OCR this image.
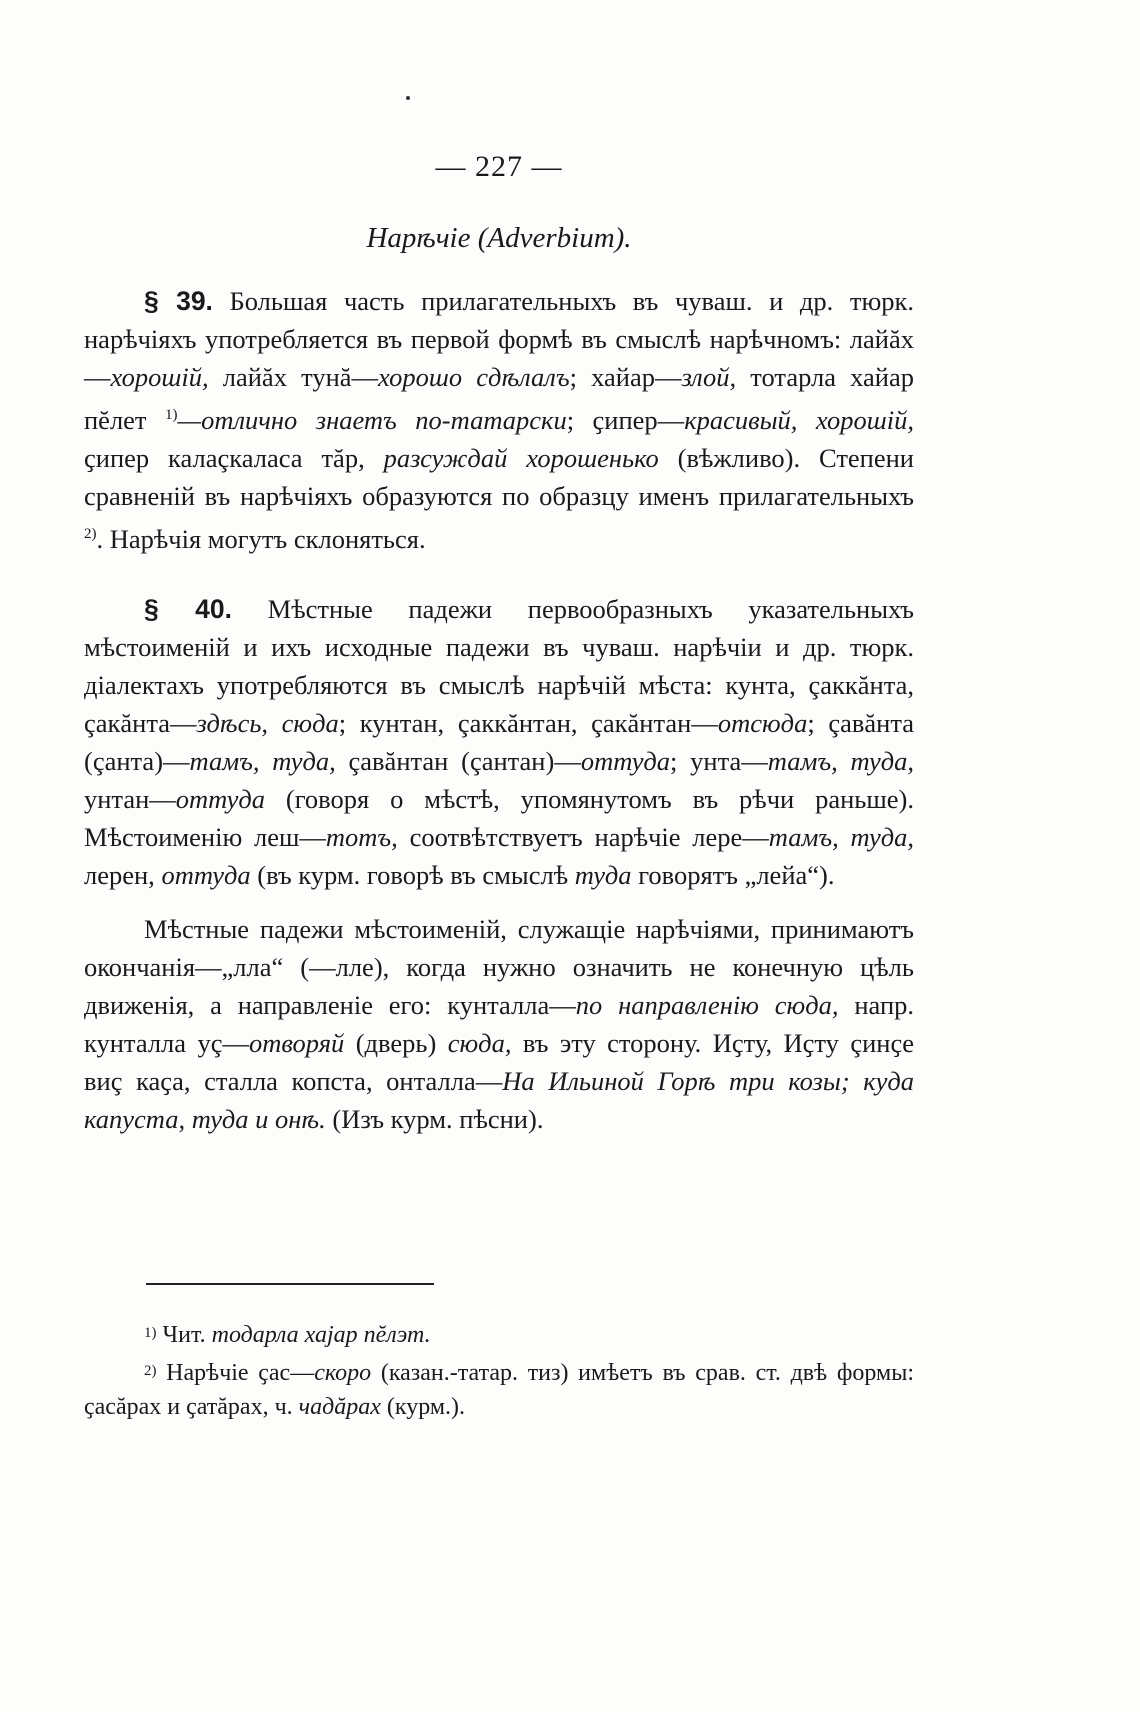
— 227 —
Нарѣчіе (Adverbium).

§ 39. Большая часть прилагательныхъ въ чуваш. и др. тюрк. нарѣчіяхъ употребляется въ первой формѣ въ смыслѣ нарѣчномъ: лайăх—хорошій, лайăх тунă—хорошо сдѣлалъ; хайар—злой, тотарла хайар пĕлет $^{1)}$—отлично знаетъ по-татарски; ҫипер—красивый, хорошій, ҫипер калаçкаласа тăр, разсуждай хорошенько (вѣжливо). Степени сравненій въ нарѣчіяхъ образуются по образцу именъ прилагательныхъ $^{2)}$. Нарѣчія могутъ склоняться.

§ 40. Мѣстные падежи первообразныхъ указательныхъ мѣстоименій и ихъ исходные падежи въ чуваш. нарѣчіи и др. тюрк. діалектахъ употребляются въ смыслѣ нарѣчій мѣста: кунта, çаккăнта, çакăнта—здѣсь, сюда; кунтан, çаккăнтан, çакăнтан—отсюда; çавăнта (çанта)—тамъ, туда, çавăнтан (çантан)—оттуда; унта—тамъ, туда, унтан—оттуда (говоря о мѣстѣ, упомянутомъ въ рѣчи раньше). Мѣстоименію леш—тотъ, соотвѣтствуетъ нарѣчіе лере—тамъ, туда, лерен, оттуда (въ курм. говорѣ въ смыслѣ туда говорятъ „лейа“).

Мѣстные падежи мѣстоименій, служащіе нарѣчіями, принимаютъ окончанія—„лла“ (—лле), когда нужно означить не конечную цѣль движенія, а направленіе его: кунталла—по направленію сюда, напр. кунталла уç—отворяй (дверь) сюда, въ эту сторону. Иҫту, Иҫту çинҫе виç каҫа, сталла копста, онталла—На Ильиной Горѣ три козы; куда капуста, туда и онѣ. (Изъ курм. пѣсни).

$^{1)}$ Чит. тодарла хаjар пĕлэт.
$^{2)}$ Нарѣчіе ҫас—скоро (казан.-татар. тиз) имѣетъ въ срав. ст. двѣ формы: ҫасăрах и ҫатăрах, ч. чадăрах (курм.).
